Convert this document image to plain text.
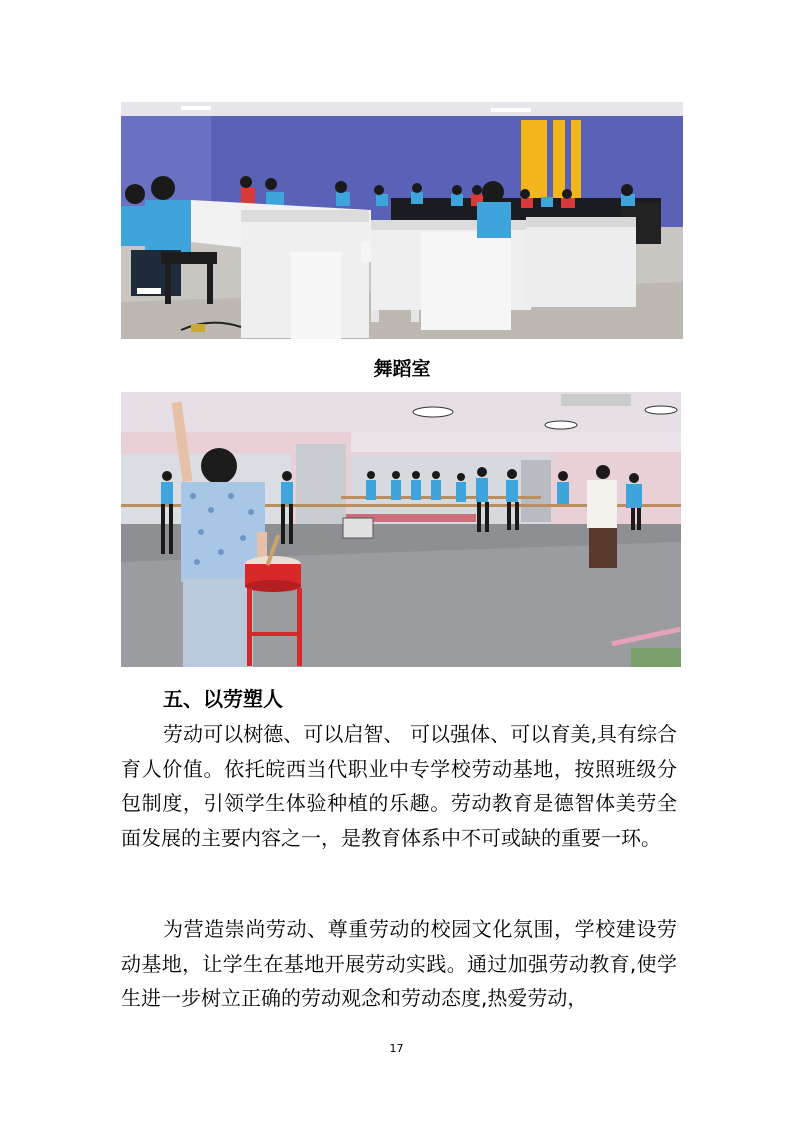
舞蹈室
五、以劳塑人

劳动可以树德、可以启智、 可以强体、可以育美,具有综合育人价值。依托皖西当代职业中专学校劳动基地，按照班级分包制度，引领学生体验种植的乐趣。劳动教育是德智体美劳全面发展的主要内容之一，是教育体系中不可或缺的重要一环。

为营造崇尚劳动、尊重劳动的校园文化氛围，学校建设劳动基地，让学生在基地开展劳动实践。通过加强劳动教育,使学生进一步树立正确的劳动观念和劳动态度,热爱劳动，

17
